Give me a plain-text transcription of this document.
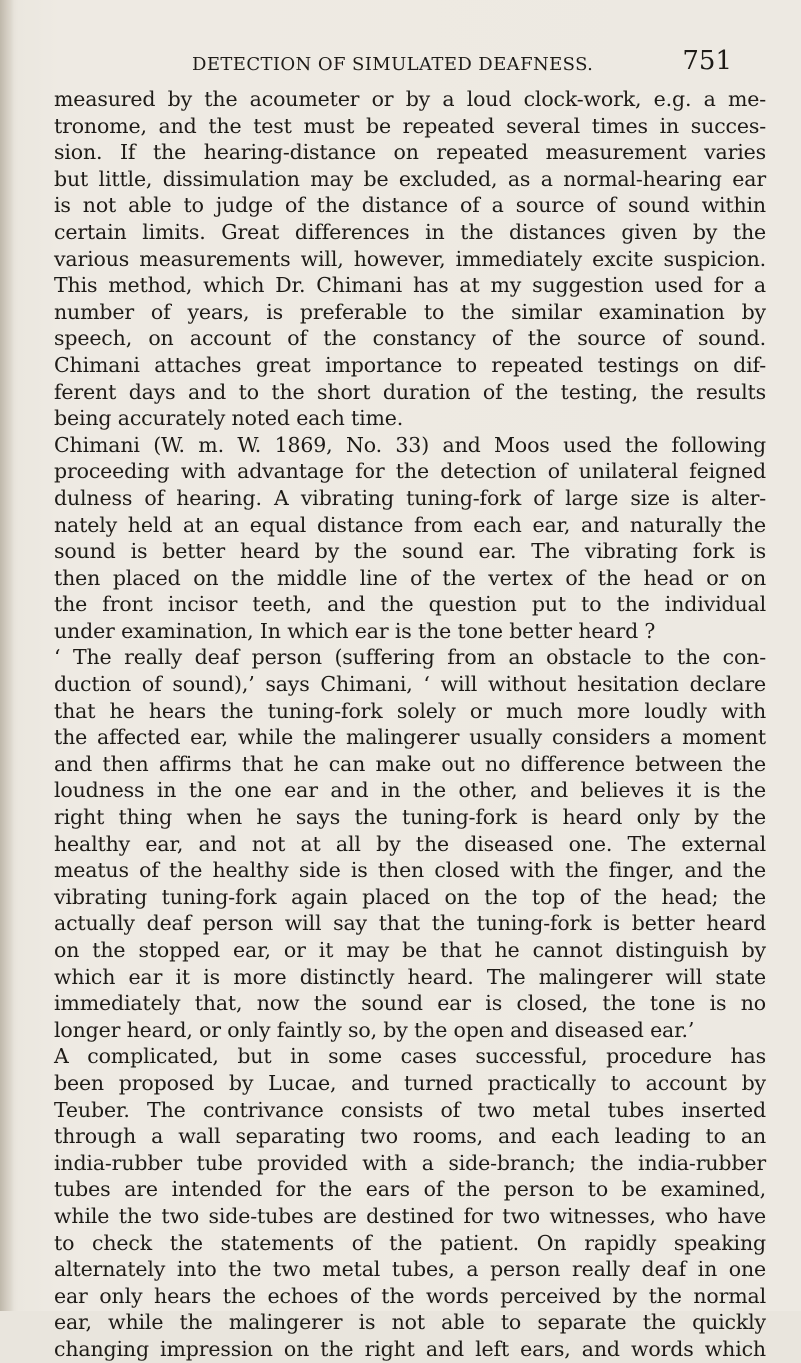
DETECTION OF SIMULATED DEAFNESS.	751
measured by the acoumeter or by a loud clock-work, e.g. a me-
tronome, and the test must be repeated several times in succes-
sion. If the hearing-distance on repeated measurement varies
but little, dissimulation may be excluded, as a normal-hearing ear
is not able to judge of the distance of a source of sound within
certain limits. Great differences in the distances given by the
various measurements will, however, immediately excite suspicion.
This method, which Dr. Chimani has at my suggestion used for a
number of years, is preferable to the similar examination by
speech, on account of the constancy of the source of sound.
Chimani attaches great importance to repeated testings on dif-
ferent days and to the short duration of the testing, the results
being accurately noted each time.
Chimani (W. m. W. 1869, No. 33) and Moos used the following
proceeding with advantage for the detection of unilateral feigned
dulness of hearing. A vibrating tuning-fork of large size is alter-
nately held at an equal distance from each ear, and naturally the
sound is better heard by the sound ear. The vibrating fork is
then placed on the middle line of the vertex of the head or on
the front incisor teeth, and the question put to the individual
under examination, In which ear is the tone better heard ?
‘ The really deaf person (suffering from an obstacle to the con-
duction of sound),’ says Chimani, ‘ will without hesitation declare
that he hears the tuning-fork solely or much more loudly with
the affected ear, while the malingerer usually considers a moment
and then affirms that he can make out no difference between the
loudness in the one ear and in the other, and believes it is the
right thing when he says the tuning-fork is heard only by the
healthy ear, and not at all by the diseased one. The external
meatus of the healthy side is then closed with the finger, and the
vibrating tuning-fork again placed on the top of the head; the
actually deaf person will say that the tuning-fork is better heard
on the stopped ear, or it may be that he cannot distinguish by
which ear it is more distinctly heard. The malingerer will state
immediately that, now the sound ear is closed, the tone is no
longer heard, or only faintly so, by the open and diseased ear.’
A complicated, but in some cases successful, procedure has
been proposed by Lucae, and turned practically to account by
Teuber. The contrivance consists of two metal tubes inserted
through a wall separating two rooms, and each leading to an
india-rubber tube provided with a side-branch; the india-rubber
tubes are intended for the ears of the person to be examined,
while the two side-tubes are destined for two witnesses, who have
to check the statements of the patient. On rapidly speaking
alternately into the two metal tubes, a person really deaf in one
ear only hears the echoes of the words perceived by the normal
ear, while the malingerer is not able to separate the quickly
changing impression on the right and left ears, and words which
